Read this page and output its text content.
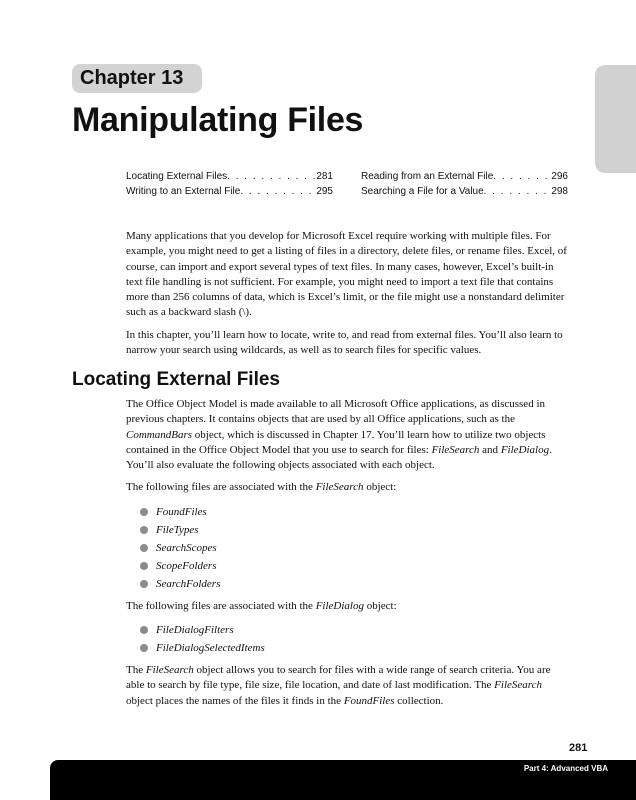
Chapter 13
Manipulating Files
Locating External Files . . .	281
Writing to an External File . . .	295
Reading from an External File . . .	296
Searching a File for a Value . . .	298

Many applications that you develop for Microsoft Excel require working with multiple files. For example, you might need to get a listing of files in a directory, delete files, or rename files. Excel, of course, can import and export several types of text files. In many cases, however, Excel’s built-in text file handling is not sufficient. For example, you might need to import a text file that contains more than 256 columns of data, which is Excel’s limit, or the file might use a nonstandard delimiter such as a backward slash (\).

In this chapter, you’ll learn how to locate, write to, and read from external files. You’ll also learn to narrow your search using wildcards, as well as to search files for specific values.

Locating External Files

The Office Object Model is made available to all Microsoft Office applications, as discussed in previous chapters. It contains objects that are used by all Office applications, such as the CommandBars object, which is discussed in Chapter 17. You’ll learn how to utilize two objects contained in the Office Object Model that you use to search for files: FileSearch and FileDialog. You’ll also evaluate the following objects associated with each object.

The following files are associated with the FileSearch object:

FoundFiles
FileTypes
SearchScopes
ScopeFolders
SearchFolders

The following files are associated with the FileDialog object:

FileDialogFilters
FileDialogSelectedItems

The FileSearch object allows you to search for files with a wide range of search criteria. You are able to search by file type, file size, file location, and date of last modification. The FileSearch object places the names of the files it finds in the FoundFiles collection.

281
Part 4: Advanced VBA
